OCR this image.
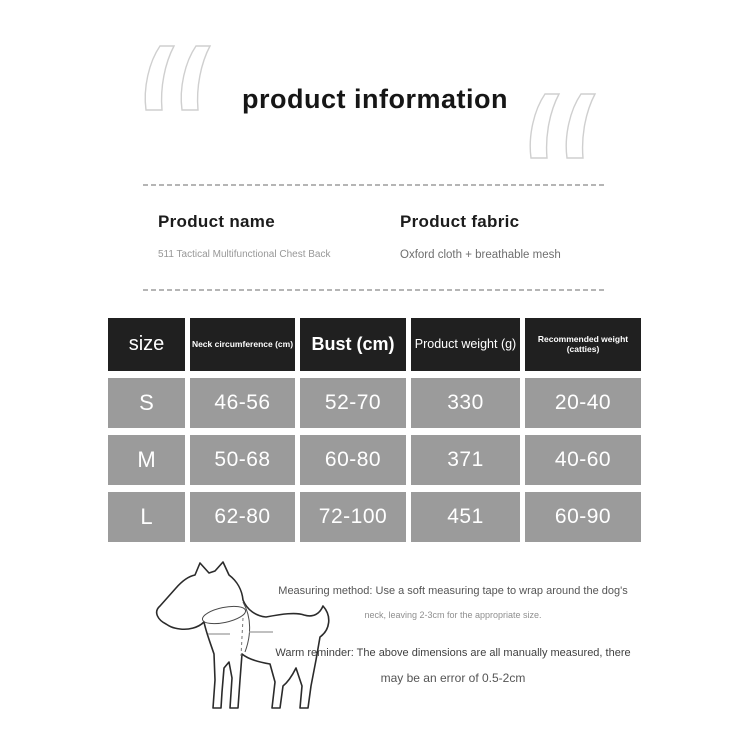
product information
Product name
511 Tactical Multifunctional Chest Back
Product fabric
Oxford cloth + breathable mesh
size	Neck circumference (cm)	Bust (cm)	Product weight (g)	Recommended weight (catties)
S	46-56	52-70	330	20-40
M	50-68	60-80	371	40-60
L	62-80	72-100	451	60-90
Measuring method: Use a soft measuring tape to wrap around the dog's
neck, leaving 2-3cm for the appropriate size.
Warm reminder: The above dimensions are all manually measured, there
may be an error of 0.5-2cm
